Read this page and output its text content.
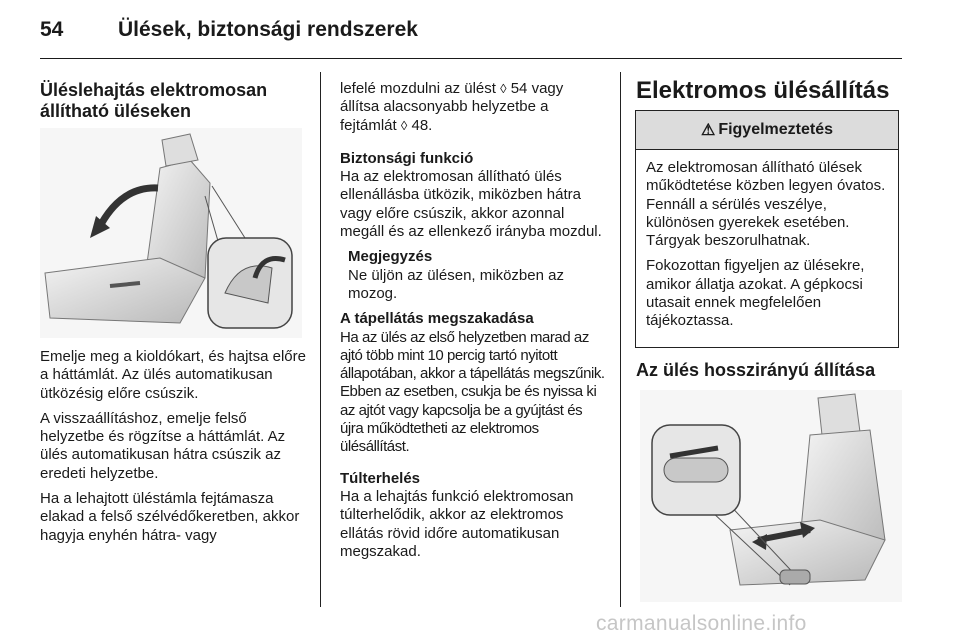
54	Ülések, biztonsági rendszerek
Üléslehajtás elektromosan állítható üléseken

Emelje meg a kioldókart, és hajtsa előre a háttámlát. Az ülés automatikusan ütközésig előre csúszik.

A visszaállításhoz, emelje felső helyzetbe és rögzítse a háttámlát. Az ülés automatikusan hátra csúszik az eredeti helyzetbe.

Ha a lehajtott üléstámla fejtámasza elakad a felső szélvédőkeretben, akkor hagyja enyhén hátra- vagy

lefelé mozdulni az ülést ◊ 54 vagy állítsa alacsonyabb helyzetbe a fejtámlát ◊ 48.

Biztonsági funkció

Ha az elektromosan állítható ülés ellenállásba ütközik, miközben hátra vagy előre csúszik, akkor azonnal megáll és az ellenkező irányba mozdul.

Megjegyzés

Ne üljön az ülésen, miközben az mozog.

A tápellátás megszakadása

Ha az ülés az első helyzetben marad az ajtó több mint 10 percig tartó nyitott állapotában, akkor a tápellátás megszűnik. Ebben az esetben, csukja be és nyissa ki az ajtót vagy kapcsolja be a gyújtást és újra működtetheti az elektromos ülésállítást.

Túlterhelés

Ha a lehajtás funkció elektromosan túlterhelődik, akkor az elektromos ellátás rövid időre automatikusan megszakad.

Elektromos ülésállítás
⚠ Figyelmeztetés

Az elektromosan állítható ülések működtetése közben legyen óvatos. Fennáll a sérülés veszélye, különösen gyerekek esetében. Tárgyak beszorulhatnak.

Fokozottan figyeljen az ülésekre, amikor állatja azokat. A gépkocsi utasait ennek megfelelően tájékoztassa.

Az ülés hosszirányú állítása
carmanualsonline.info
